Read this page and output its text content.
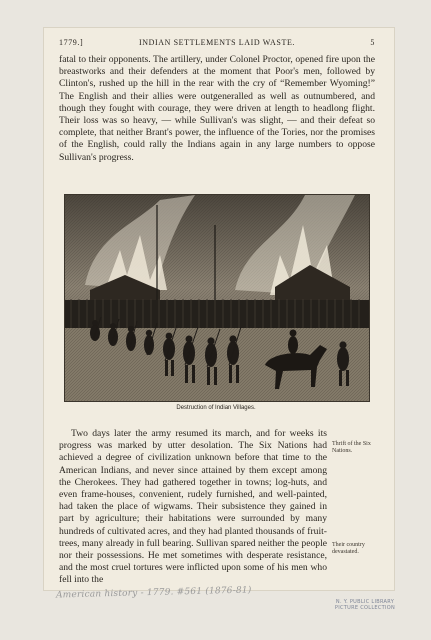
1779.]	INDIAN SETTLEMENTS LAID WASTE.	5

fatal to their opponents. The artillery, under Colonel Proctor, opened fire upon the breastworks and their defenders at the moment that Poor's men, followed by Clinton's, rushed up the hill in the rear with the cry of “Remember Wyoming!” The English and their allies were outgeneralled as well as outnumbered, and though they fought with courage, they were driven at length to headlong flight. Their loss was so heavy, — while Sullivan's was slight, — and their defeat so complete, that neither Brant's power, the influence of the Tories, nor the promises of the English, could rally the Indians again in any large numbers to oppose Sullivan's progress.

Destruction of Indian Villages.

Two days later the army resumed its march, and for weeks its progress was marked by utter desolation. The Six Nations had achieved a degree of civilization unknown before that time to the American Indians, and never since attained by them except among the Cherokees. They had gathered together in towns; log-huts, and even frame-houses, convenient, rudely furnished, and well-painted, had taken the place of wigwams. Their subsistence they gained in part by agriculture; their habitations were surrounded by many hundreds of cultivated acres, and they had planted thousands of fruit-trees, many already in full bearing. Sullivan spared neither the people nor their possessions. He met sometimes with desperate resistance, and the most cruel tortures were inflicted upon some of his men who fell into the

Thrift of the Six Nations.
Their country devastated.
American history - 1779. #561 (1876-81)
N. Y. PUBLIC LIBRARY
PICTURE COLLECTION
